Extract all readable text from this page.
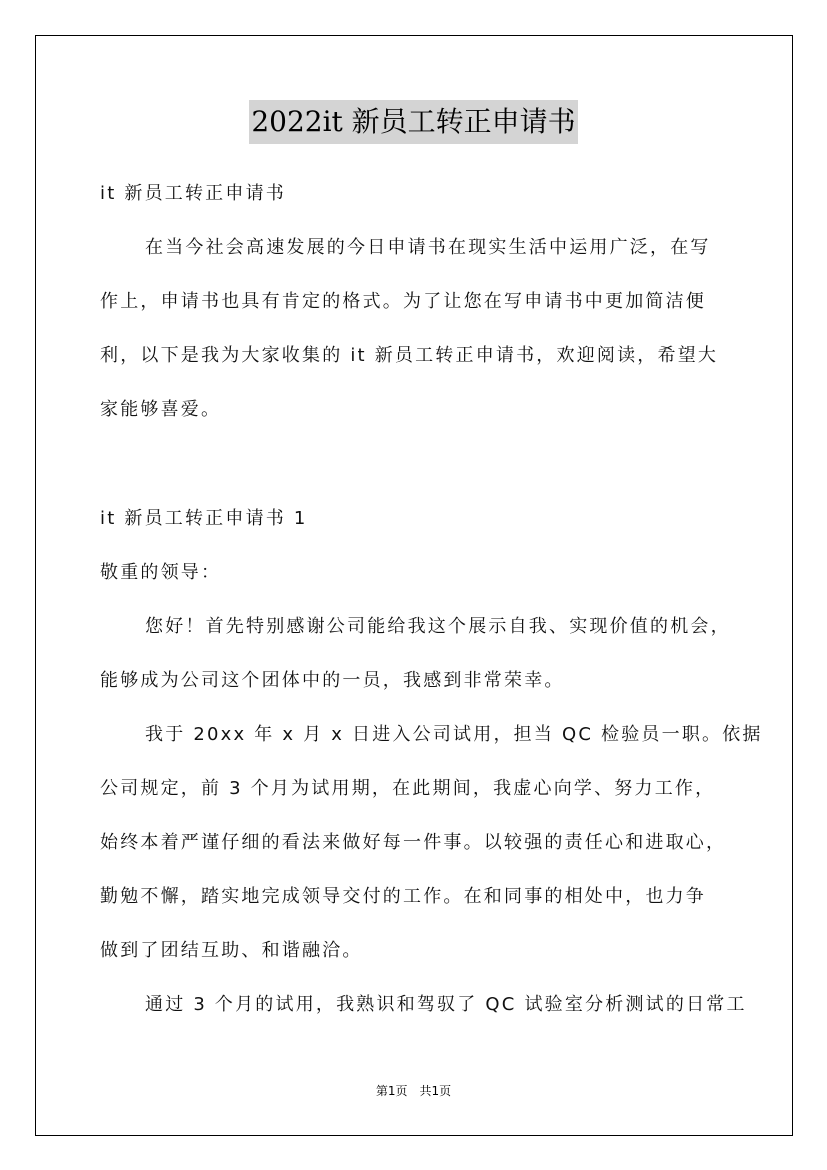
2022it 新员工转正申请书
it 新员工转正申请书
在当今社会高速发展的今日申请书在现实生活中运用广泛，在写
作上，申请书也具有肯定的格式。为了让您在写申请书中更加简洁便
利，以下是我为大家收集的 it 新员工转正申请书，欢迎阅读，希望大
家能够喜爱。
it 新员工转正申请书 1
敬重的领导：
您好！首先特别感谢公司能给我这个展示自我、实现价值的机会，
能够成为公司这个团体中的一员，我感到非常荣幸。
我于 20xx 年 x 月 x 日进入公司试用，担当 QC 检验员一职。依据
公司规定，前 3 个月为试用期，在此期间，我虚心向学、努力工作，
始终本着严谨仔细的看法来做好每一件事。以较强的责任心和进取心，
勤勉不懈，踏实地完成领导交付的工作。在和同事的相处中，也力争
做到了团结互助、和谐融洽。
通过 3 个月的试用，我熟识和驾驭了 QC 试验室分析测试的日常工
第1页　共1页
